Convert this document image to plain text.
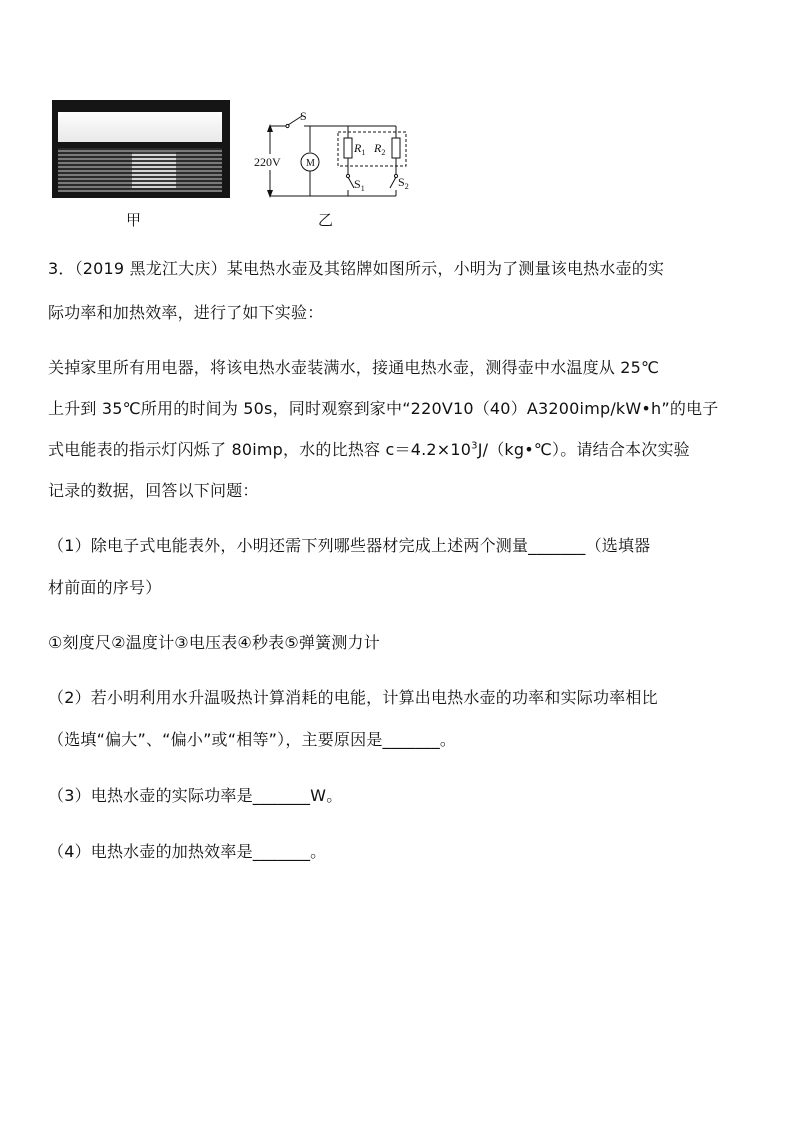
甲
220V
S
M
$R_1$ $R_2$
$S_1$	$S_2$
乙
3．（2019 黑龙江大庆）某电热水壶及其铭牌如图所示，小明为了测量该电热水壶的实
际功率和加热效率，进行了如下实验：
关掉家里所有用电器，将该电热水壶装满水，接通电热水壶，测得壶中水温度从 25℃
上升到 35℃所用的时间为 50s，同时观察到家中“220V10（40）A3200imp/kW•h”的电子
式电能表的指示灯闪烁了 80imp，水的比热容 $c=4.2\times 10^3J/(kg•℃)$。请结合本次实验
记录的数据，回答以下问题：
（1）除电子式电能表外，小明还需下列哪些器材完成上述两个测量_______（选填器
材前面的序号）
①刻度尺②温度计③电压表④秒表⑤弹簧测力计
（2）若小明利用水升温吸热计算消耗的电能，计算出电热水壶的功率和实际功率相比
（选填“偏大”、“偏小”或“相等”），主要原因是_______。
（3）电热水壶的实际功率是_______W。
（4）电热水壶的加热效率是_______。
